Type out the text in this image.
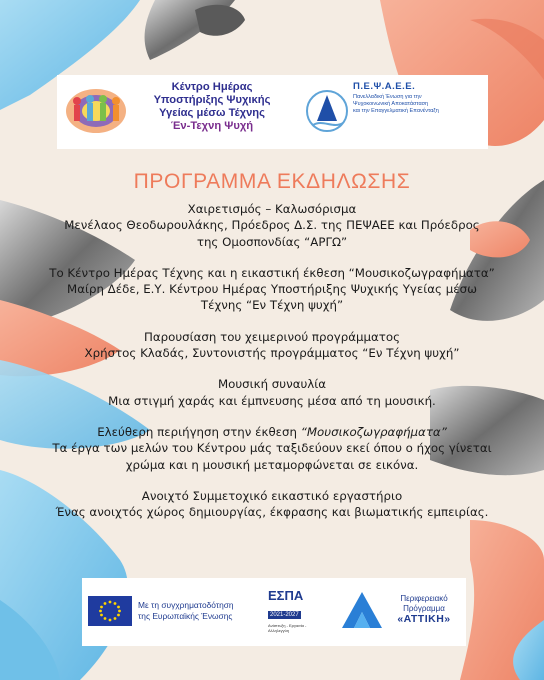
Κέντρο Ημέρας
Υποστήριξης Ψυχικής
Υγείας μέσω Τέχνης
Έν-Τεχνη Ψυχή
Π.Ε.Ψ.Α.Ε.Ε.
Πανελλαδική Ένωση για την
Ψυχοκοινωνική Αποκατάσταση
και την Επαγγελματική Επανένταξη
ΠΡΟΓΡΑΜΜΑ ΕΚΔΗΛΩΣΗΣ
Χαιρετισμός – Καλωσόρισμα
Μενέλαος Θεοδωρουλάκης, Πρόεδρος Δ.Σ. της ΠΕΨΑΕΕ και Πρόεδρος
της Ομοσπονδίας “ΑΡΓΩ”
Το Κέντρο Ημέρας Τέχνης και η εικαστική έκθεση “Μουσικοζωγραφήματα”
Μαίρη Δέδε, Ε.Υ. Κέντρου Ημέρας Υποστήριξης Ψυχικής Υγείας μέσω
Τέχνης “Εν Τέχνη ψυχή”
Παρουσίαση του χειμερινού προγράμματος
Χρήστος Κλαδάς, Συντονιστής προγράμματος “Εν Τέχνη ψυχή”
Μουσική συναυλία
Μια στιγμή χαράς και έμπνευσης μέσα από τη μουσική.
Ελεύθερη περιήγηση στην έκθεση “Μουσικοζωγραφήματα”
Τα έργα των μελών του Κέντρου μάς ταξιδεύουν εκεί όπου ο ήχος γίνεται
χρώμα και η μουσική μεταμορφώνεται σε εικόνα.
Ανοιχτό Συμμετοχικό εικαστικό εργαστήριο
Ένας ανοιχτός χώρος δημιουργίας, έκφρασης και βιωματικής εμπειρίας.
Με τη συγχρηματοδότηση
της Ευρωπαϊκής Ένωσης
ΕΣΠΑ
2021-2027
Ανάπτυξη - Εργασία - Αλληλεγγύη
Περιφερειακό
Πρόγραμμα
«ΑΤΤΙΚΗ»
